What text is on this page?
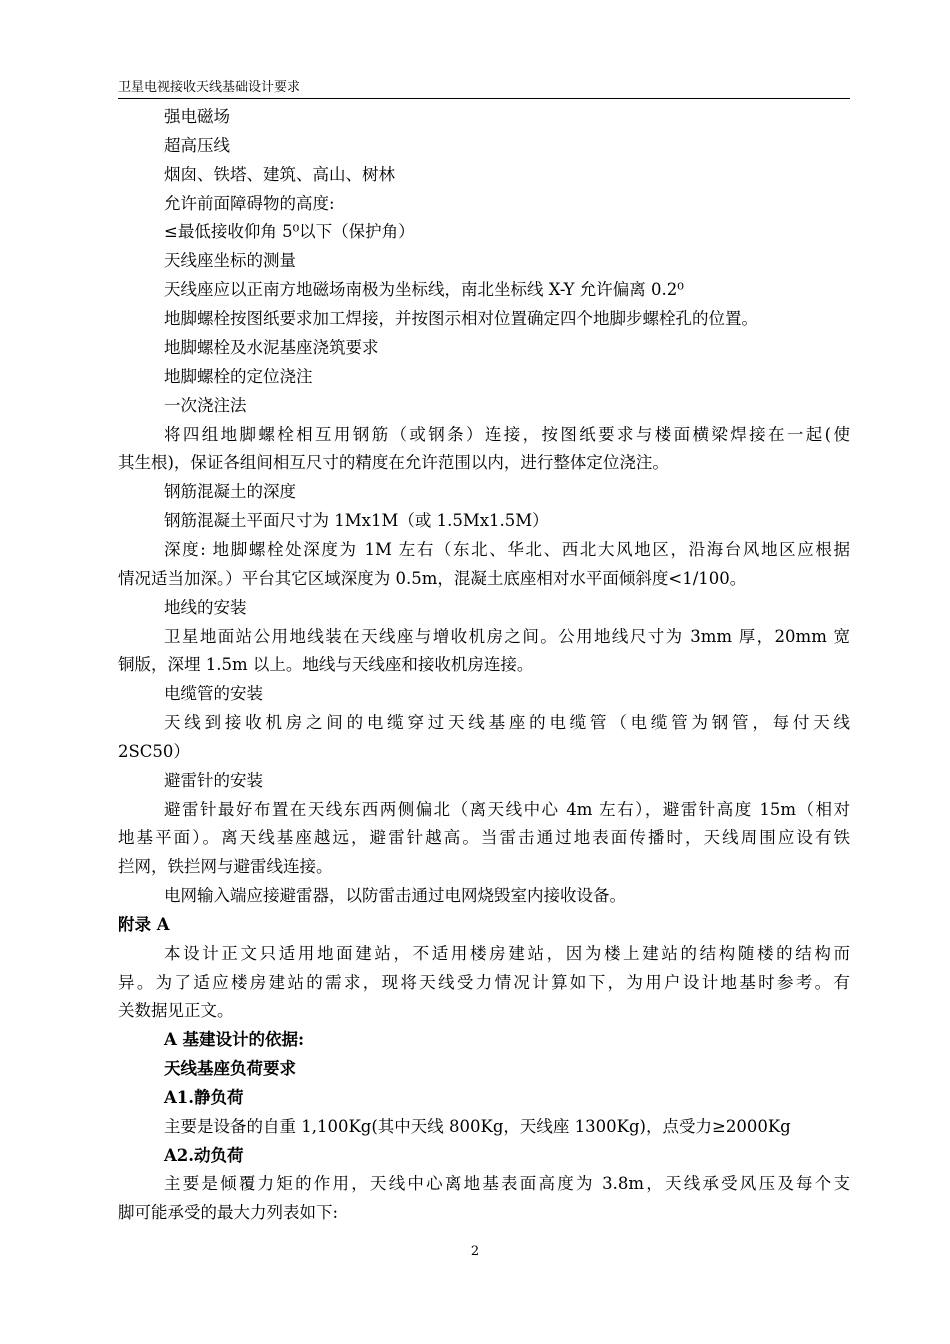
卫星电视接收天线基础设计要求
强电磁场
超高压线
烟囱、铁塔、建筑、高山、树林
允许前面障碍物的高度:
≤最低接收仰角 5⁰以下（保护角）
天线座坐标的测量
天线座应以正南方地磁场南极为坐标线，南北坐标线 X-Y 允许偏离 0.2⁰
地脚螺栓按图纸要求加工焊接，并按图示相对位置确定四个地脚步螺栓孔的位置。
地脚螺栓及水泥基座浇筑要求
地脚螺栓的定位浇注
一次浇注法
将四组地脚螺栓相互用钢筋（或钢条）连接，按图纸要求与楼面横梁焊接在一起(使
其生根)，保证各组间相互尺寸的精度在允许范围以内，进行整体定位浇注。
钢筋混凝土的深度
钢筋混凝土平面尺寸为 1Mx1M（或 1.5Mx1.5M）
深度: 地脚螺栓处深度为 1M 左右（东北、华北、西北大风地区，沿海台风地区应根据
情况适当加深。）平台其它区域深度为 0.5m，混凝土底座相对水平面倾斜度<1/100。
地线的安装
卫星地面站公用地线装在天线座与增收机房之间。公用地线尺寸为 3mm 厚，20mm 宽
铜版，深埋 1.5m 以上。地线与天线座和接收机房连接。
电缆管的安装
天线到接收机房之间的电缆穿过天线基座的电缆管（电缆管为钢管，每付天线
2SC50）
避雷针的安装
避雷针最好布置在天线东西两侧偏北（离天线中心 4m 左右），避雷针高度 15m（相对
地基平面）。离天线基座越远，避雷针越高。当雷击通过地表面传播时，天线周围应设有铁
拦网，铁拦网与避雷线连接。
电网输入端应接避雷器，以防雷击通过电网烧毁室内接收设备。
附录 A
本设计正文只适用地面建站，不适用楼房建站，因为楼上建站的结构随楼的结构而
异。为了适应楼房建站的需求，现将天线受力情况计算如下，为用户设计地基时参考。有
关数据见正文。
A 基建设计的依据:
天线基座负荷要求
A1.静负荷
主要是设备的自重 1,100Kg(其中天线 800Kg，天线座 1300Kg)，点受力≥2000Kg
A2.动负荷
主要是倾覆力矩的作用，天线中心离地基表面高度为 3.8m，天线承受风压及每个支
脚可能承受的最大力列表如下:
2
